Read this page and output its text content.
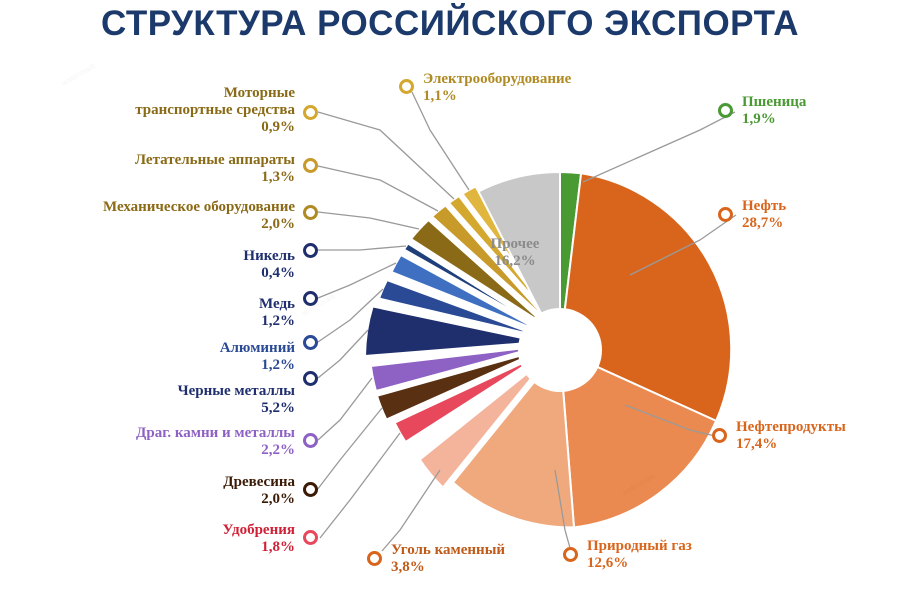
СТРУКТУРА РОССИЙСКОГО ЭКСПОРТА
Прочее
16,2%
Пшеница
1,9%
Нефть
28,7%
Нефтепродукты
17,4%
Природный газ
12,6%
Уголь каменный
3,8%
Удобрения
1,8%
Древесина
2,0%
Драг. камни и металлы
2,2%
Черные металлы
5,2%
Алюминий
1,2%
Медь
1,2%
Никель
0,4%
Механическое оборудование
2,0%
Летательные аппараты
1,3%
Моторные
транспортные средства
0,9%
Электрооборудование
1,1%
